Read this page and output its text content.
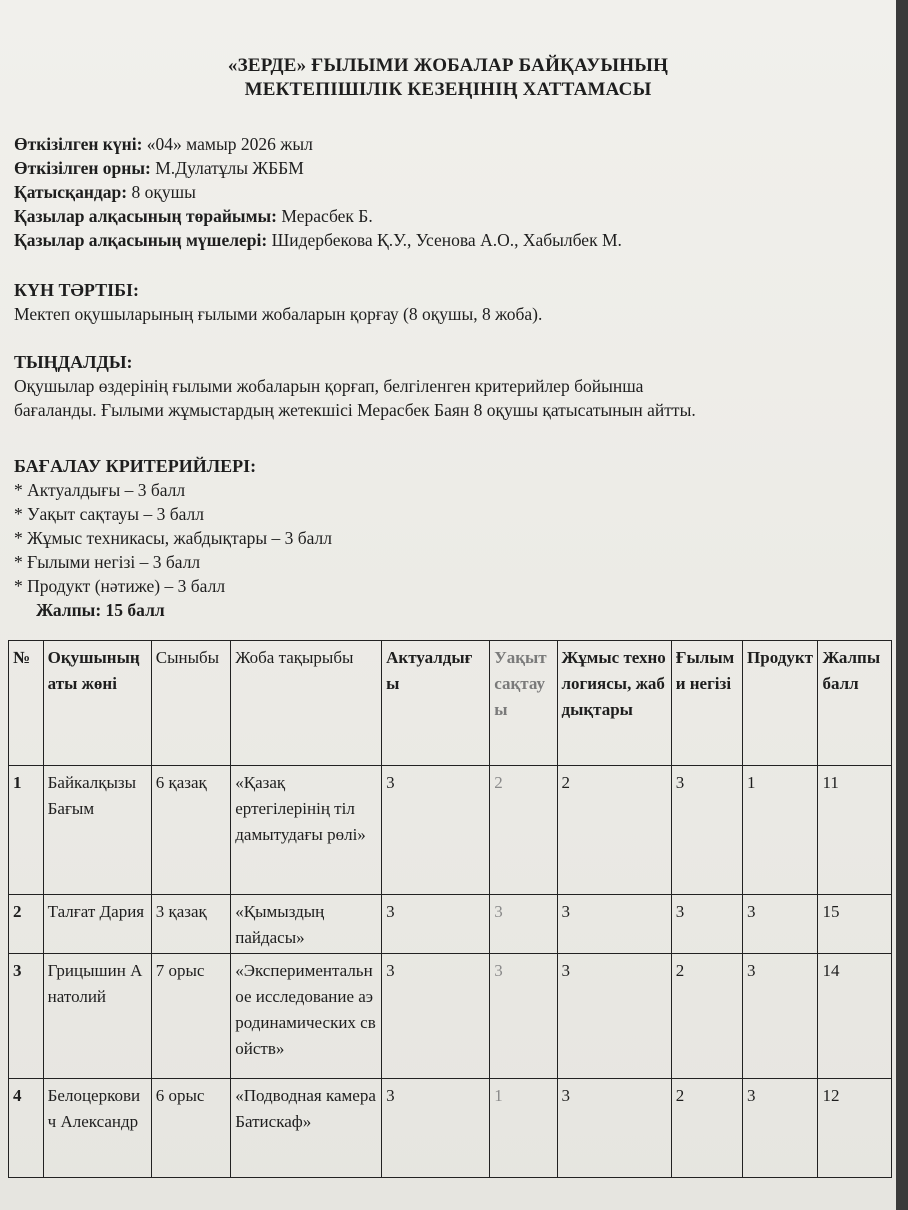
«ЗЕРДЕ» ҒЫЛЫМИ ЖОБАЛАР БАЙҚАУЫНЫҢ
МЕКТЕПІШІЛІК КЕЗЕҢІНІҢ ХАТТАМАСЫ
Өткізілген күні: «04» мамыр 2026 жыл
Өткізілген орны: М.Дулатұлы ЖББМ
Қатысқандар: 8 оқушы
Қазылар алқасының төрайымы: Мерасбек Б.
Қазылар алқасының мүшелері: Шидербекова Қ.У., Усенова А.О., Хабылбек М.
КҮН ТӘРТІБІ:
Мектеп оқушыларының ғылыми жобаларын қорғау (8 оқушы, 8 жоба).
ТЫҢДАЛДЫ:
Оқушылар өздерінің ғылыми жобаларын қорғап, белгіленген критерийлер бойынша
бағаланды. Ғылыми жұмыстардың жетекшісі Мерасбек Баян 8 оқушы қатысатынын айтты.
БАҒАЛАУ КРИТЕРИЙЛЕРІ:
* Актуалдығы – 3 балл
* Уақыт сақтауы – 3 балл
* Жұмыс техникасы, жабдықтары – 3 балл
* Ғылыми негізі – 3 балл
* Продукт (нәтиже) – 3 балл
Жалпы: 15 балл
№	Оқушының аты жөні	Сыныбы	Жоба тақырыбы	Актуалдығы	Уақыт сақтауы	Жұмыс технологиясы, жабдықтары	Ғылыми негізі	Продукт	Жалпы балл
1	Байкалқызы Бағым	6 қазақ	«Қазақ ертегілерінің тіл дамытудағы рөлі»	3	2	2	3	1	11
2	Талғат Дария	3 қазақ	«Қымыздың пайдасы»	3	3	3	3	3	15
3	Грицышин Анатолий	7 орыс	«Экспериментальное исследование аэродинамических свойств»	3	3	3	2	3	14
4	Белоцеркович Александр	6 орыс	«Подводная камера Батискаф»	3	1	3	2	3	12
